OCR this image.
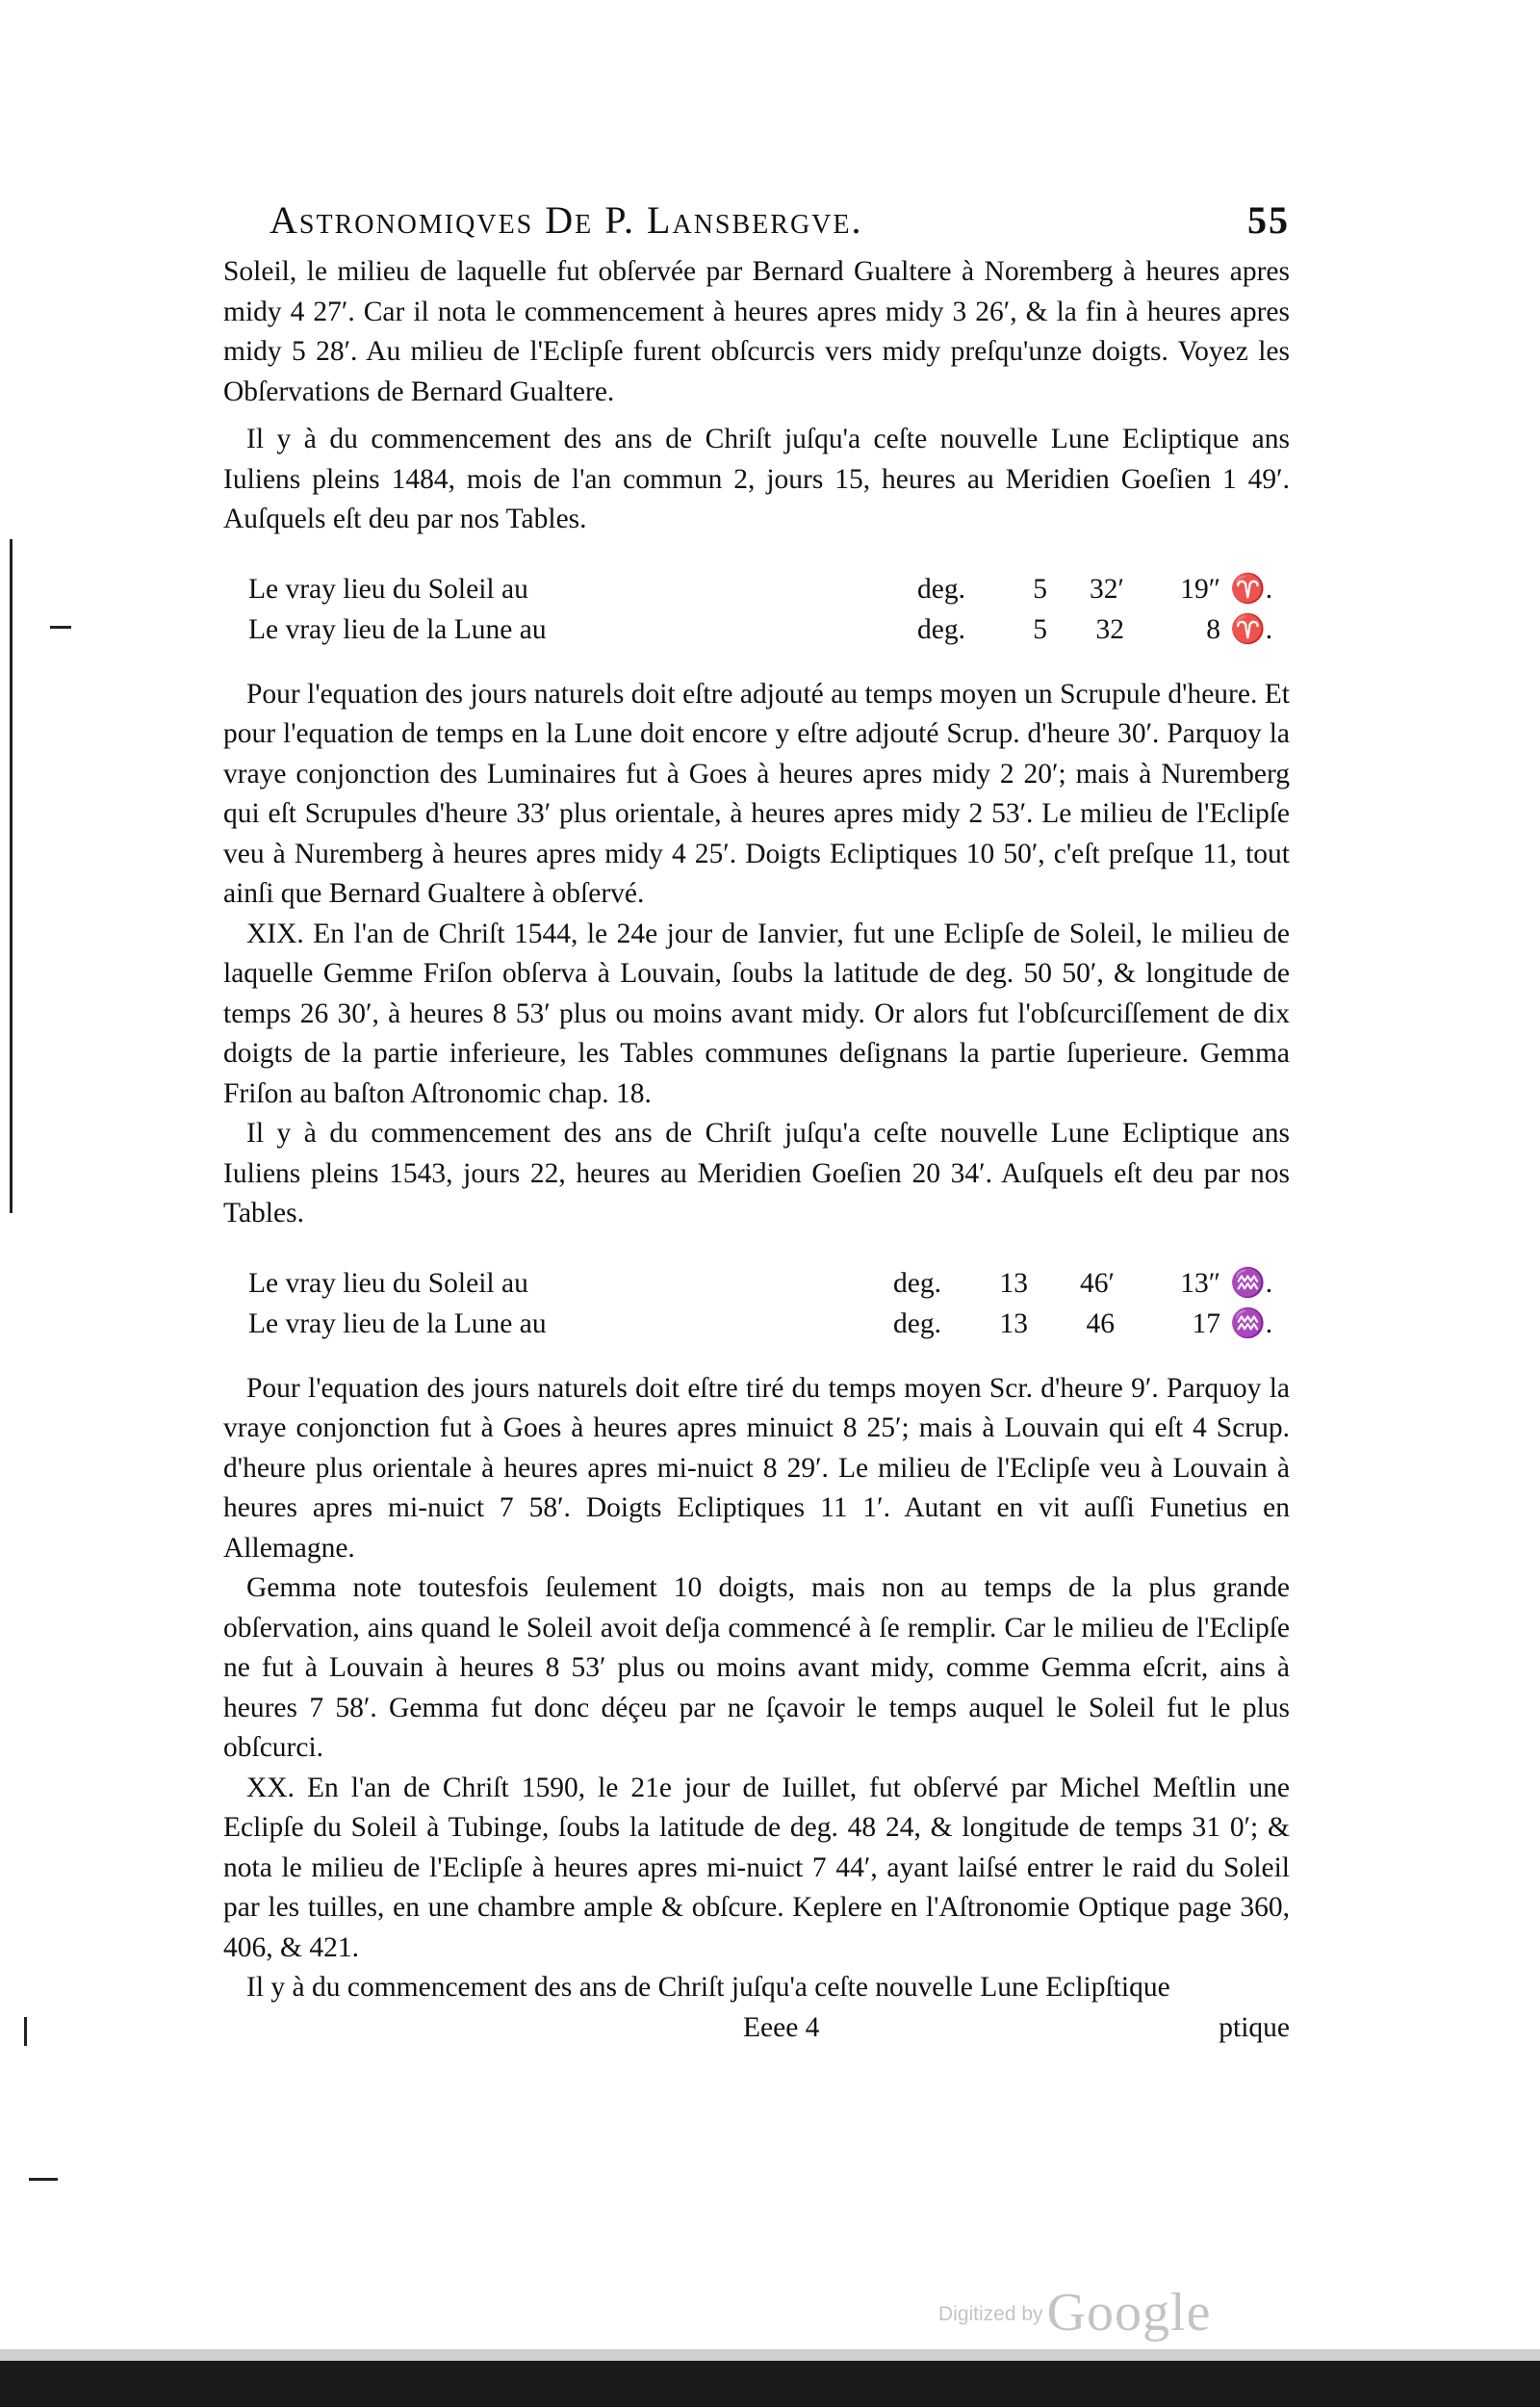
Astronomiqves De P. Lansbergve.	55

Soleil, le milieu de laquelle fut obſervée par Bernard Gualtere à Noremberg à heures apres midy 4 27′. Car il nota le commencement à heures apres midy 3 26′, & la fin à heures apres midy 5 28′. Au milieu de l'Eclipſe furent obſcurcis vers midy preſqu'unze doigts. Voyez les Obſervations de Bernard Gualtere.

Il y à du commencement des ans de Chriſt juſqu'a ceſte nouvelle Lune Ecliptique ans Iuliens pleins 1484, mois de l'an commun 2, jours 15, heures au Meridien Goeſien 1 49′. Auſquels eſt deu par nos Tables.

Le vray lieu du Soleil au	deg.	5	32′	19″ ♈.
Le vray lieu de la Lune au	deg.	5	32	8 ♈.

Pour l'equation des jours naturels doit eſtre adjouté au temps moyen un Scrupule d'heure. Et pour l'equation de temps en la Lune doit encore y eſtre adjouté Scrup. d'heure 30′. Parquoy la vraye conjonction des Luminaires fut à Goes à heures apres midy 2 20′; mais à Nuremberg qui eſt Scrupules d'heure 33′ plus orientale, à heures apres midy 2 53′. Le milieu de l'Eclipſe veu à Nuremberg à heures apres midy 4 25′. Doigts Ecliptiques 10 50′, c'eſt preſque 11, tout ainſi que Bernard Gualtere à obſervé.

XIX. En l'an de Chriſt 1544, le 24e jour de Ianvier, fut une Eclipſe de Soleil, le milieu de laquelle Gemme Friſon obſerva à Louvain, ſoubs la latitude de deg. 50 50′, & longitude de temps 26 30′, à heures 8 53′ plus ou moins avant midy. Or alors fut l'obſcurciſſement de dix doigts de la partie inferieure, les Tables communes deſignans la partie ſuperieure. Gemma Friſon au baſton Aſtronomic chap. 18.

Il y à du commencement des ans de Chriſt juſqu'a ceſte nouvelle Lune Ecliptique ans Iuliens pleins 1543, jours 22, heures au Meridien Goeſien 20 34′. Auſquels eſt deu par nos Tables.

Le vray lieu du Soleil au	deg.	13	46′	13″ ♒.
Le vray lieu de la Lune au	deg.	13	46	17 ♒.

Pour l'equation des jours naturels doit eſtre tiré du temps moyen Scr. d'heure 9′. Parquoy la vraye conjonction fut à Goes à heures apres minuict 8 25′; mais à Louvain qui eſt 4 Scrup. d'heure plus orientale à heures apres mi-nuict 8 29′. Le milieu de l'Eclipſe veu à Louvain à heures apres mi-nuict 7 58′. Doigts Ecliptiques 11 1′. Autant en vit auſſi Funetius en Allemagne.

Gemma note toutesfois ſeulement 10 doigts, mais non au temps de la plus grande obſervation, ains quand le Soleil avoit deſja commencé à ſe remplir. Car le milieu de l'Eclipſe ne fut à Louvain à heures 8 53′ plus ou moins avant midy, comme Gemma eſcrit, ains à heures 7 58′. Gemma fut donc déçeu par ne ſçavoir le temps auquel le Soleil fut le plus obſcurci.

XX. En l'an de Chriſt 1590, le 21e jour de Iuillet, fut obſervé par Michel Meſtlin une Eclipſe du Soleil à Tubinge, ſoubs la latitude de deg. 48 24, & longitude de temps 31 0′; & nota le milieu de l'Eclipſe à heures apres mi-nuict 7 44′, ayant laiſsé entrer le raid du Soleil par les tuilles, en une chambre ample & obſcure. Keplere en l'Aſtronomie Optique page 360, 406, & 421.

Il y à du commencement des ans de Chriſt juſqu'a ceſte nouvelle Lune Eclipſtique

Eeee 4	ptique
Digitized by Google
